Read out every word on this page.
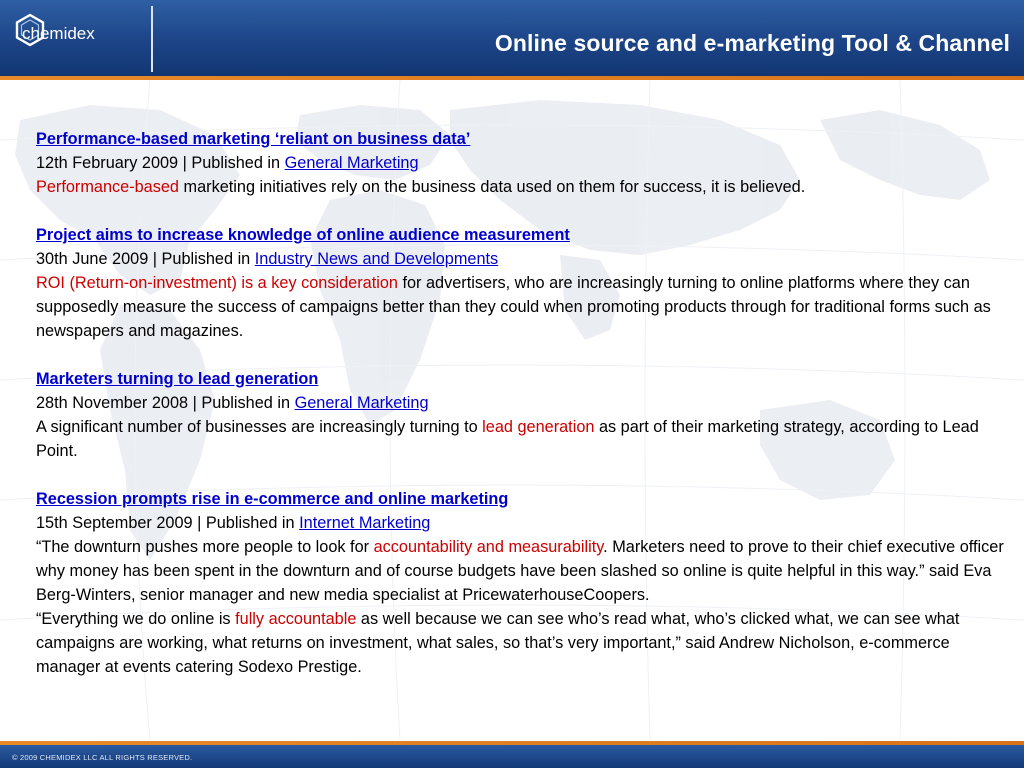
chemidex	Online source and e-marketing Tool & Channel
Performance-based marketing ‘reliant on business data’
12th February 2009 | Published in General Marketing
Performance-based marketing initiatives rely on the business data used on them for success, it is believed.
Project aims to increase knowledge of online audience measurement
30th June 2009 | Published in Industry News and Developments
ROI (Return-on-investment) is a key consideration for advertisers, who are increasingly turning to online platforms where they can supposedly measure the success of campaigns better than they could when promoting products through for traditional forms such as newspapers and magazines.
Marketers turning to lead generation
28th November 2008 | Published in General Marketing
A significant number of businesses are increasingly turning to lead generation as part of their marketing strategy, according to Lead Point.
Recession prompts rise in e-commerce and online marketing
15th September 2009 | Published in Internet Marketing
“The downturn pushes more people to look for accountability and measurability. Marketers need to prove to their chief executive officer why money has been spent in the downturn and of course budgets have been slashed so online is quite helpful in this way.” said Eva Berg-Winters, senior manager and new media specialist at PricewaterhouseCoopers.
“Everything we do online is fully accountable as well because we can see who’s read what, who’s clicked what, we can see what campaigns are working, what returns on investment, what sales, so that’s very important,” said Andrew Nicholson, e-commerce manager at events catering Sodexo Prestige.
© 2009 CHEMIDEX LLC ALL RIGHTS RESERVED.
